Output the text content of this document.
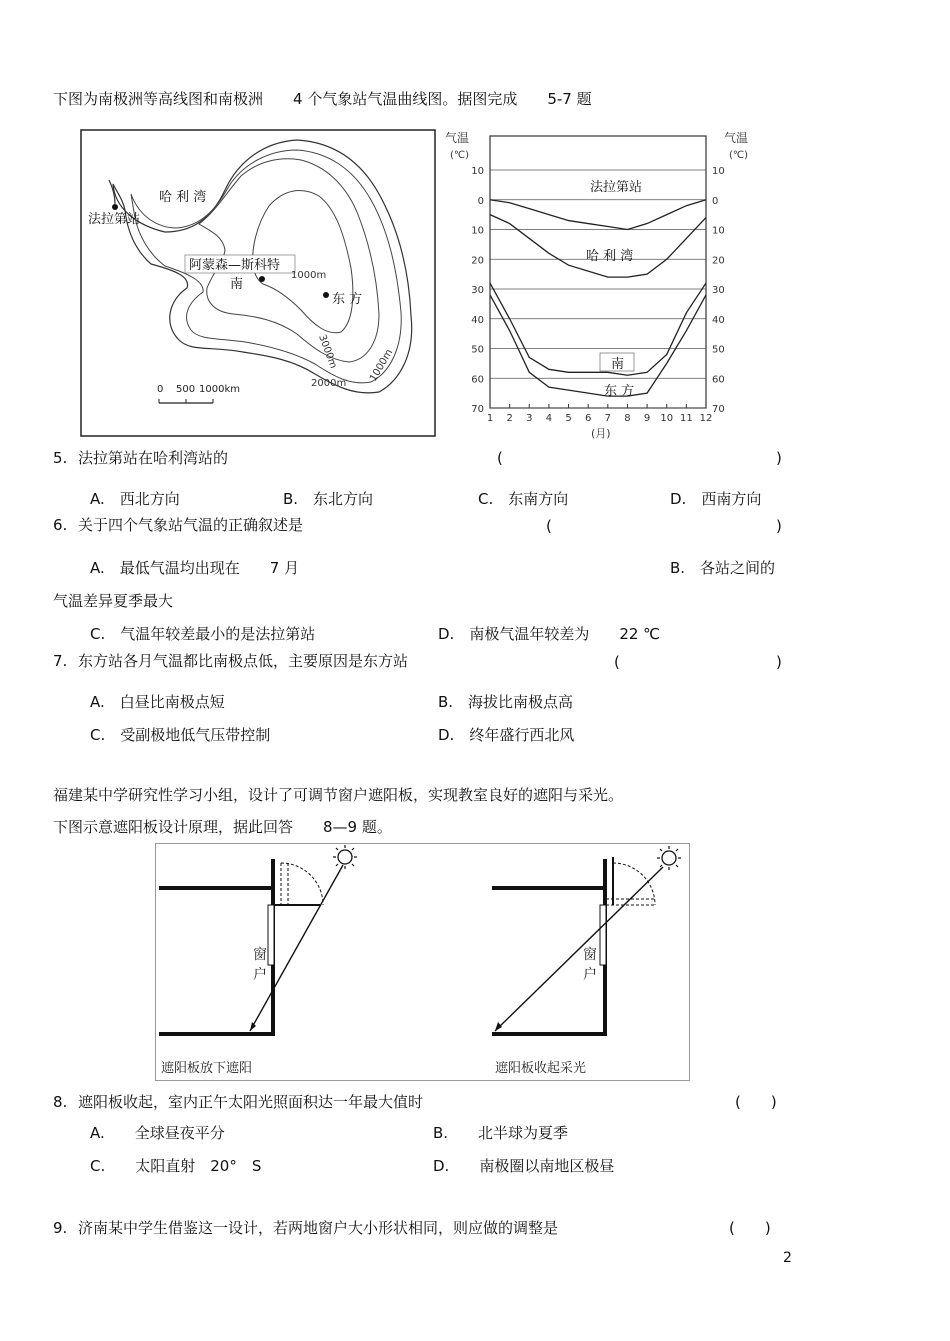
下图为南极洲等高线图和南极洲　　4 个气象站气温曲线图。据图完成　　5-7 题
哈 利 湾
法拉第站
阿蒙森—斯科特
南
东 方
1000m
3000m
2000m 1000m
0 500 1000km
气温
(℃)
气温
(℃)
1 2 3 4 5 6 7 8 9 10 11 12
10	10
0	0
10	10
20	20
30	30
40	40
50	50
60	60
70	70
(月)
法拉第站
哈 利 湾
南
东 方
5. 法拉第站在哈利湾站的	(	)
A.　西北方向	B.　东北方向	C.　东南方向	D.　西南方向
6. 关于四个气象站气温的正确叙述是	(	)
A.　最低气温均出现在　　7 月	B.　各站之间的
气温差异夏季最大
C.　气温年较差最小的是法拉第站	D.　南极气温年较差为　　22 ℃
7. 东方站各月气温都比南极点低，主要原因是东方站	(	)
A.　白昼比南极点短	B.　海拔比南极点高
C.　受副极地低气压带控制	D.　终年盛行西北风
福建某中学研究性学习小组，设计了可调节窗户遮阳板，实现教室良好的遮阳与采光。
下图示意遮阳板设计原理，据此回答　　8—9 题。
窗
户
遮阳板放下遮阳
窗
户
遮阳板收起采光
8. 遮阳板收起，室内正午太阳光照面积达一年最大值时	(　　)
A.　　全球昼夜平分	B.　　北半球为夏季
C.　　太阳直射　20°　S	D.　　南极圈以南地区极昼
9. 济南某中学生借鉴这一设计，若两地窗户大小形状相同，则应做的调整是	(　　)
2
